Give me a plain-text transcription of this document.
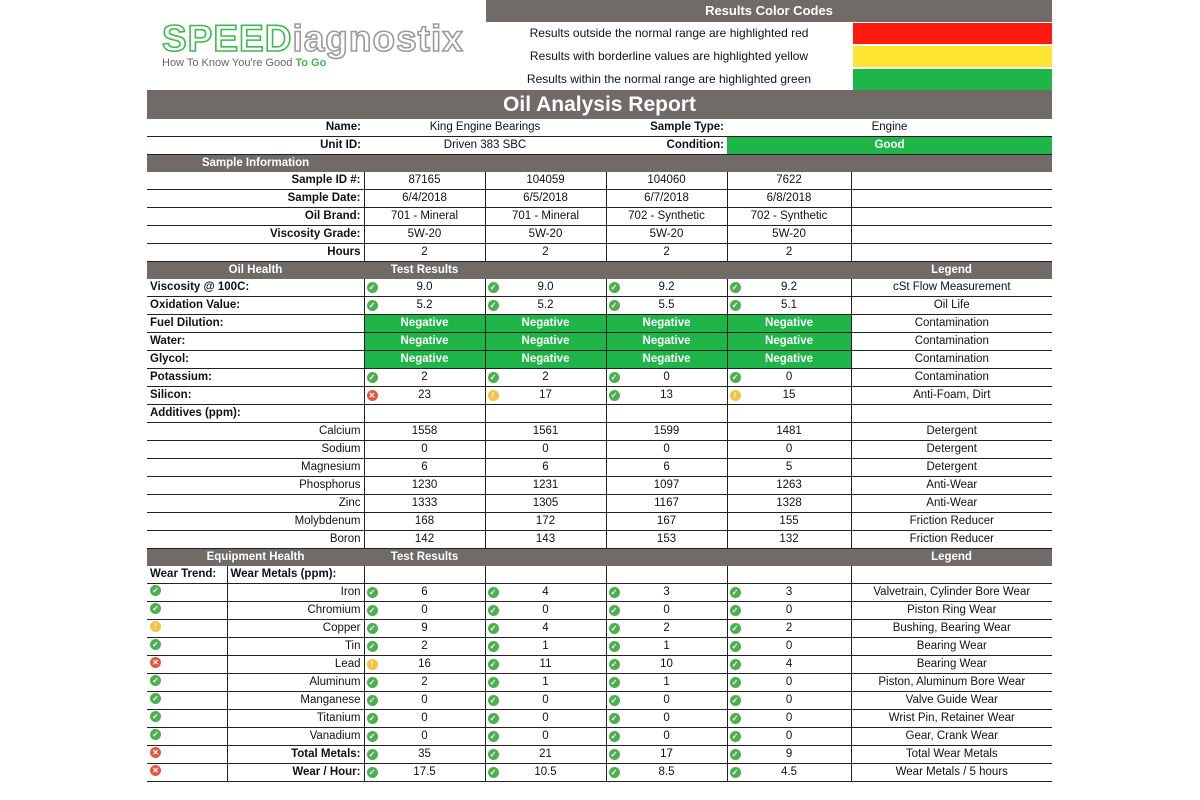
SPEEDiagnostix
How To Know You're Good To Go
Results Color Codes
Results outside the normal range are highlighted red
Results with borderline values are highlighted yellow
Results within the normal range are highlighted green
Oil Analysis Report
Name:		King Engine Bearings		Sample Type:	Engine	
Unit ID:		Driven 383 SBC		Condition:	Good	
Sample Information						
Sample ID #:		87165	104059	104060	7622	
Sample Date:		6/4/2018	6/5/2018	6/7/2018	6/8/2018	
Oil Brand:		701 - Mineral	701 - Mineral	702 - Synthetic	702 - Synthetic	
Viscosity Grade:		5W-20	5W-20	5W-20	5W-20	
Hours		2	2	2	2	
Oil Health		Test Results				Legend
Viscosity @ 100C:		✓ 9.0	✓ 9.0	✓ 9.2	✓ 9.2	cSt Flow Measurement
Oxidation Value:		✓ 5.2	✓ 5.2	✓ 5.5	✓ 5.1	Oil Life
Fuel Dilution:		Negative	Negative	Negative	Negative	Contamination
Water:		Negative	Negative	Negative	Negative	Contamination
Glycol:		Negative	Negative	Negative	Negative	Contamination
Potassium:		✓ 2	✓ 2	✓ 0	✓ 0	Contamination
Silicon:		✕ 23	! 17	✓ 13	! 15	Anti-Foam, Dirt
Additives (ppm):						
Calcium		1558	1561	1599	1481	Detergent
Sodium		0	0	0	0	Detergent
Magnesium		6	6	6	5	Detergent
Phosphorus		1230	1231	1097	1263	Anti-Wear
Zinc		1333	1305	1167	1328	Anti-Wear
Molybdenum		168	172	167	155	Friction Reducer
Boron		142	143	153	132	Friction Reducer
Equipment Health		Test Results				Legend
Wear Trend:	Wear Metals (ppm):					
✓	Iron	✓ 6	✓ 4	✓ 3	✓ 3	Valvetrain, Cylinder Bore Wear
✓	Chromium	✓ 0	✓ 0	✓ 0	✓ 0	Piston Ring Wear
!	Copper	✓ 9	✓ 4	✓ 2	✓ 2	Bushing, Bearing Wear
✓	Tin	✓ 2	✓ 1	✓ 1	✓ 0	Bearing Wear
✕	Lead	! 16	✓ 11	✓ 10	✓ 4	Bearing Wear
✓	Aluminum	✓ 2	✓ 1	✓ 1	✓ 0	Piston, Aluminum Bore Wear
✓	Manganese	✓ 0	✓ 0	✓ 0	✓ 0	Valve Guide Wear
✓	Titanium	✓ 0	✓ 0	✓ 0	✓ 0	Wrist Pin, Retainer Wear
✓	Vanadium	✓ 0	✓ 0	✓ 0	✓ 0	Gear, Crank Wear
✕	Total Metals:	✓ 35	✓ 21	✓ 17	✓ 9	Total Wear Metals
✕	Wear / Hour:	✓ 17.5	✓ 10.5	✓ 8.5	✓ 4.5	Wear Metals / 5 hours
